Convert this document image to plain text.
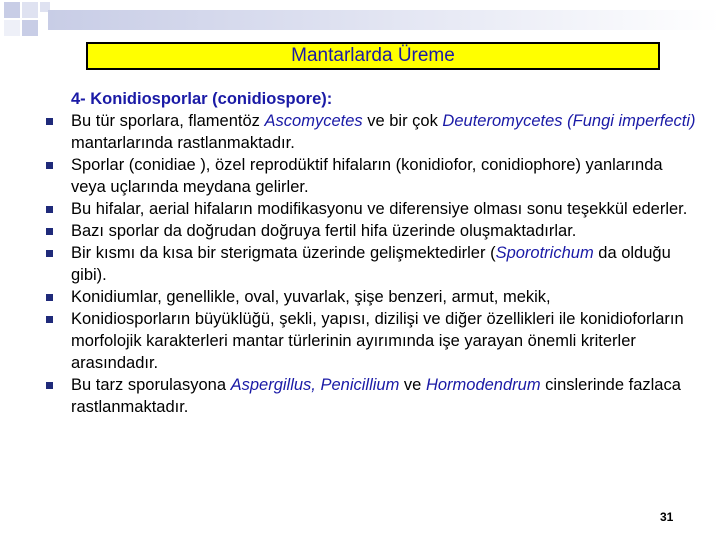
Mantarlarda Üreme
4- Konidiosporlar (conidiospore):
Bu tür sporlara, flamentöz Ascomycetes ve bir çok Deuteromycetes (Fungi imperfecti) mantarlarında rastlanmaktadır.
Sporlar (conidiae ), özel reprodüktif hifaların (konidiofor, conidiophore) yanlarında veya uçlarında meydana gelirler.
Bu hifalar, aerial hifaların modifikasyonu ve diferensiye olması sonu teşekkül ederler.
Bazı sporlar da doğrudan doğruya fertil hifa üzerinde oluşmaktadırlar.
Bir kısmı da kısa bir sterigmata üzerinde gelişmektedirler (Sporotrichum da olduğu gibi).
Konidiumlar, genellikle, oval, yuvarlak, şişe benzeri, armut, mekik,
Konidiosporların büyüklüğü, şekli, yapısı, dizilişi ve diğer özellikleri ile konidioforların morfolojik karakterleri mantar türlerinin ayırımında işe yarayan önemli kriterler arasındadır.
Bu tarz sporulasyona Aspergillus, Penicillium ve Hormodendrum cinslerinde fazlaca rastlanmaktadır.
31
